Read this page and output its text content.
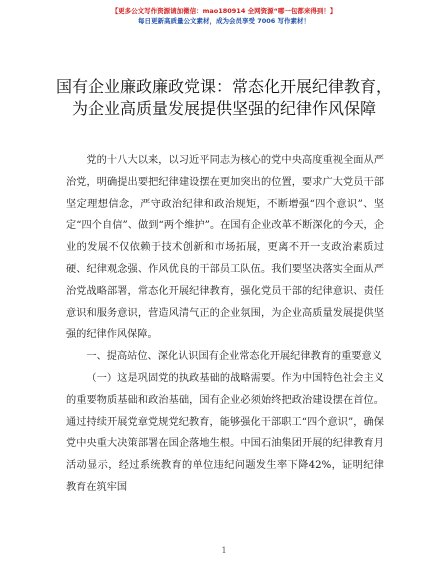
【更多公文写作资源请加微信：mao180914 全网资源“哪一包都来得到！】
每日更新高质量公文素材，成为会员享受 7006 写作素材！
国有企业廉政廉政党课：常态化开展纪律教育，为企业高质量发展提供坚强的纪律作风保障

党的十八大以来，以习近平同志为核心的党中央高度重视全面从严治党，明确提出要把纪律建设摆在更加突出的位置，要求广大党员干部坚定理想信念，严守政治纪律和政治规矩，不断增强“四个意识”、坚定“四个自信”、做到“两个维护”。在国有企业改革不断深化的今天，企业的发展不仅依赖于技术创新和市场拓展，更离不开一支政治素质过硬、纪律观念强、作风优良的干部员工队伍。我们要坚决落实全面从严治党战略部署，常态化开展纪律教育，强化党员干部的纪律意识、责任意识和服务意识，营造风清气正的企业氛围，为企业高质量发展提供坚强的纪律作风保障。

一、提高站位、深化认识国有企业常态化开展纪律教育的重要意义

（一）这是巩固党的执政基础的战略需要。作为中国特色社会主义的重要物质基础和政治基础，国有企业必须始终把政治建设摆在首位。通过持续开展党章党规党纪教育，能够强化干部职工“四个意识”，确保党中央重大决策部署在国企落地生根。中国石油集团开展的纪律教育月活动显示，经过系统教育的单位违纪问题发生率下降42%，证明纪律教育在筑牢国

1
